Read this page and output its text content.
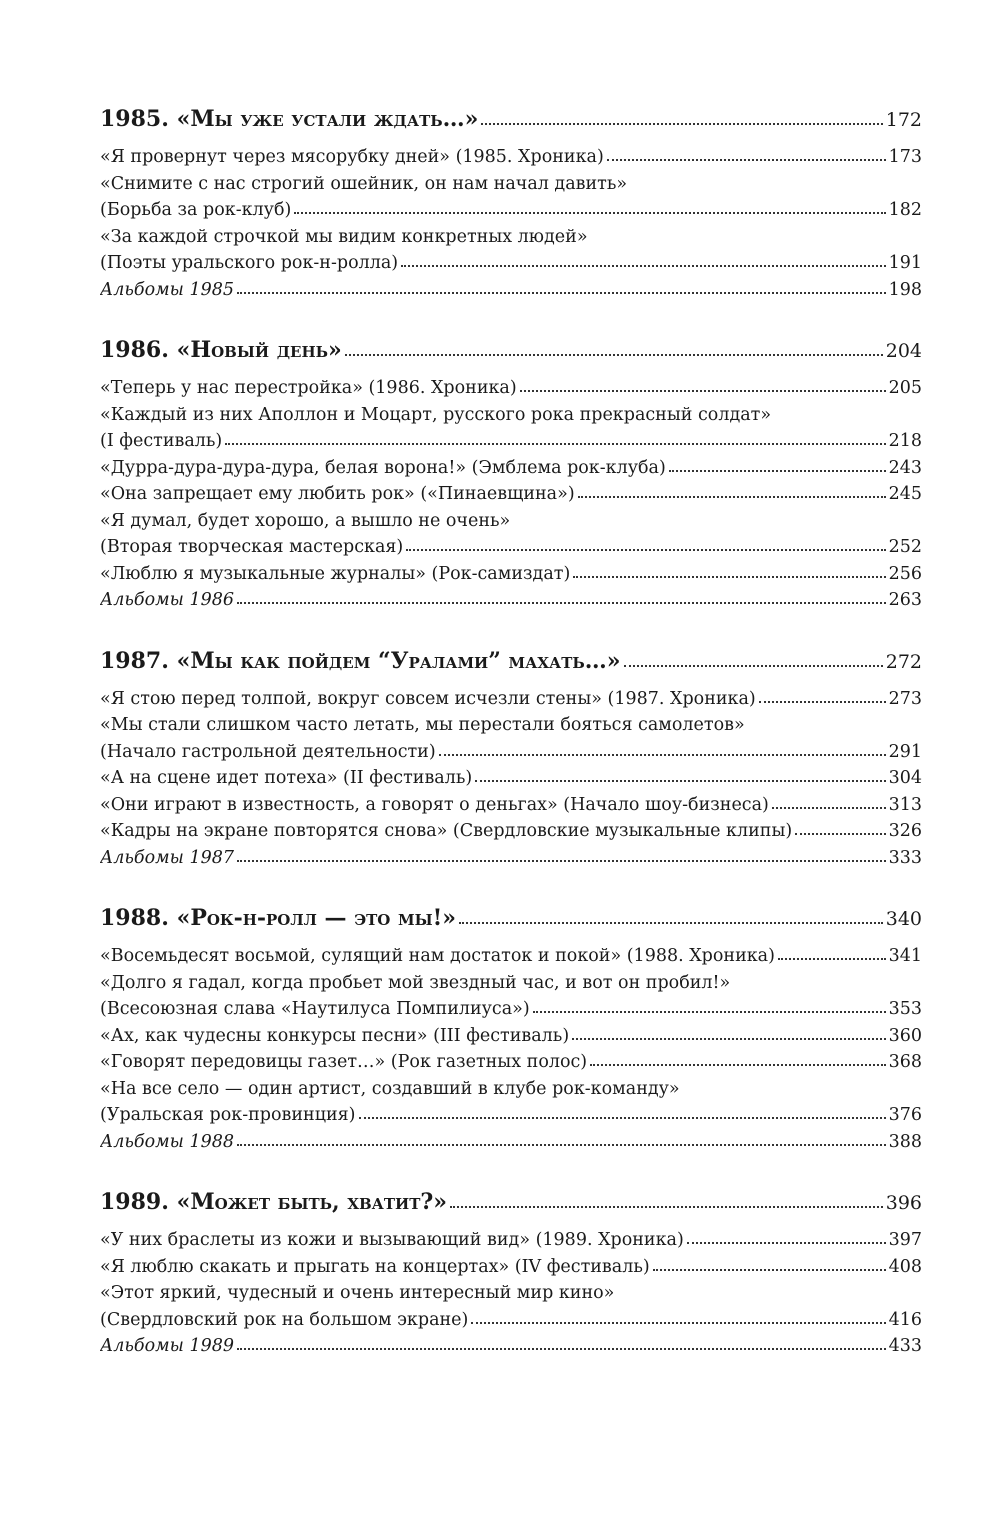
1985. «Мы уже устали ждать…»	172
«Я провернут через мясорубку дней» (1985. Хроника)	173
«Снимите с нас строгий ошейник, он нам начал давить»
(Борьба за рок-клуб)	182
«За каждой строчкой мы видим конкретных людей»
(Поэты уральского рок-н-ролла)	191
Альбомы 1985	198
1986. «Новый день»	204
«Теперь у нас перестройка» (1986. Хроника)	205
«Каждый из них Аполлон и Моцарт, русского рока прекрасный солдат»
(I фестиваль)	218
«Дурра-дура-дура-дура, белая ворона!» (Эмблема рок-клуба)	243
«Она запрещает ему любить рок» («Пинаевщина»)	245
«Я думал, будет хорошо, а вышло не очень»
(Вторая творческая мастерская)	252
«Люблю я музыкальные журналы» (Рок-самиздат)	256
Альбомы 1986	263
1987. «Мы как пойдем “Уралами” махать…»	272
«Я стою перед толпой, вокруг совсем исчезли стены» (1987. Хроника)	273
«Мы стали слишком часто летать, мы перестали бояться самолетов»
(Начало гастрольной деятельности)	291
«А на сцене идет потеха» (II фестиваль)	304
«Они играют в известность, а говорят о деньгах» (Начало шоу-бизнеса)	313
«Кадры на экране повторятся снова» (Свердловские музыкальные клипы)	326
Альбомы 1987	333
1988. «Рок-н-ролл — это мы!»	340
«Восемьдесят восьмой, сулящий нам достаток и покой» (1988. Хроника)	341
«Долго я гадал, когда пробьет мой звездный час, и вот он пробил!»
(Всесоюзная слава «Наутилуса Помпилиуса»)	353
«Ах, как чудесны конкурсы песни» (III фестиваль)	360
«Говорят передовицы газет…» (Рок газетных полос)	368
«На все село — один артист, создавший в клубе рок-команду»
(Уральская рок-провинция)	376
Альбомы 1988	388
1989. «Может быть, хватит?»	396
«У них браслеты из кожи и вызывающий вид» (1989. Хроника)	397
«Я люблю скакать и прыгать на концертах» (IV фестиваль)	408
«Этот яркий, чудесный и очень интересный мир кино»
(Свердловский рок на большом экране)	416
Альбомы 1989	433
